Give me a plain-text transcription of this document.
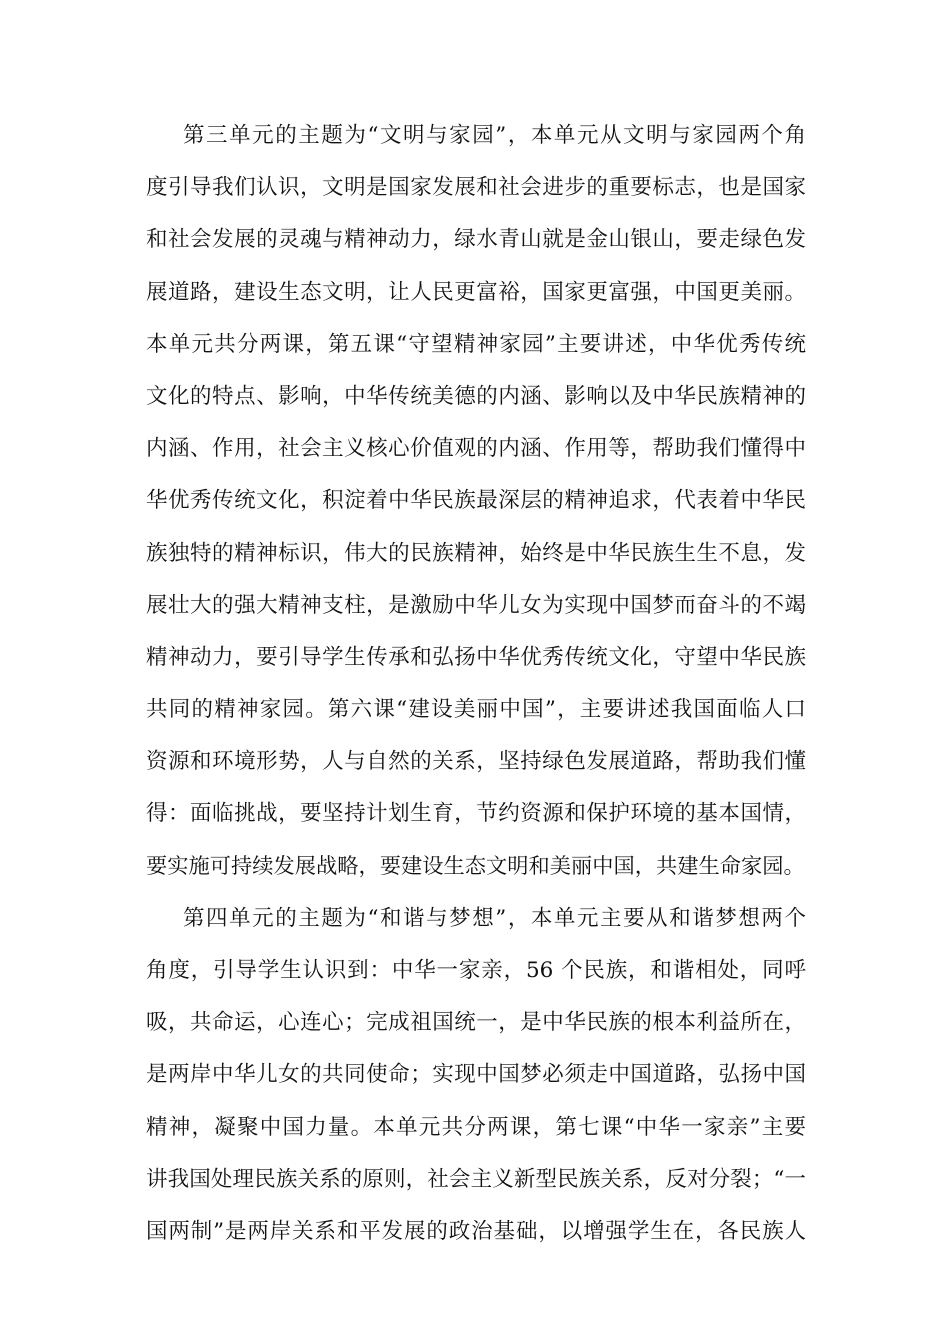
第三单元的主题为“文明与家园”，本单元从文明与家园两个角
度引导我们认识，文明是国家发展和社会进步的重要标志，也是国家
和社会发展的灵魂与精神动力，绿水青山就是金山银山，要走绿色发
展道路，建设生态文明，让人民更富裕，国家更富强，中国更美丽。
本单元共分两课，第五课“守望精神家园”主要讲述，中华优秀传统
文化的特点、影响，中华传统美德的内涵、影响以及中华民族精神的
内涵、作用，社会主义核心价值观的内涵、作用等，帮助我们懂得中
华优秀传统文化，积淀着中华民族最深层的精神追求，代表着中华民
族独特的精神标识，伟大的民族精神，始终是中华民族生生不息，发
展壮大的强大精神支柱，是激励中华儿女为实现中国梦而奋斗的不竭
精神动力，要引导学生传承和弘扬中华优秀传统文化，守望中华民族
共同的精神家园。第六课“建设美丽中国”，主要讲述我国面临人口
资源和环境形势，人与自然的关系，坚持绿色发展道路，帮助我们懂
得：面临挑战，要坚持计划生育，节约资源和保护环境的基本国情，
要实施可持续发展战略，要建设生态文明和美丽中国，共建生命家园。
第四单元的主题为“和谐与梦想”，本单元主要从和谐梦想两个
角度，引导学生认识到：中华一家亲，56 个民族，和谐相处，同呼
吸，共命运，心连心；完成祖国统一，是中华民族的根本利益所在，
是两岸中华儿女的共同使命；实现中国梦必须走中国道路，弘扬中国
精神，凝聚中国力量。本单元共分两课，第七课“中华一家亲”主要
讲我国处理民族关系的原则，社会主义新型民族关系，反对分裂；“一
国两制”是两岸关系和平发展的政治基础，以增强学生在，各民族人
